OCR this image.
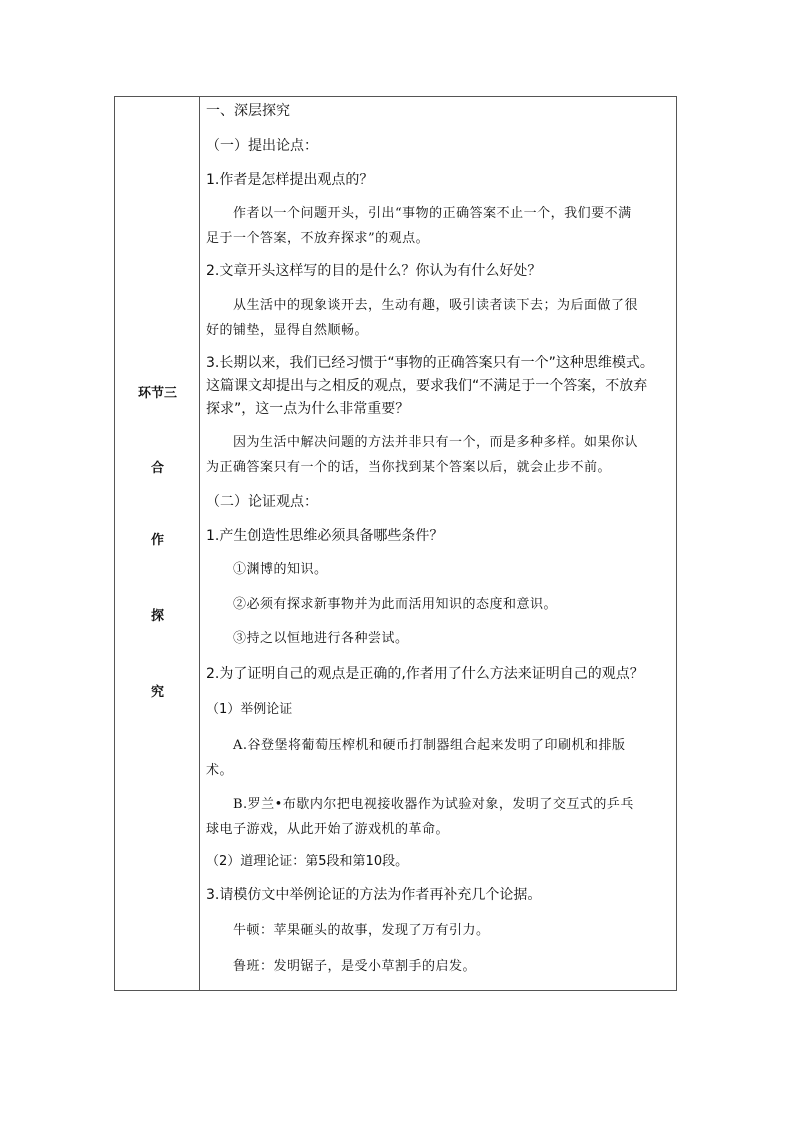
环节三
合
作
探
究
一、深层探究
（一）提出论点：
1.作者是怎样提出观点的？
作者以一个问题开头，引出“事物的正确答案不止一个，我们要不满
足于一个答案，不放弃探求”的观点。
2.文章开头这样写的目的是什么？你认为有什么好处？
从生活中的现象谈开去，生动有趣，吸引读者读下去；为后面做了很
好的铺垫，显得自然顺畅。
3.长期以来，我们已经习惯于“事物的正确答案只有一个”这种思维模式。
这篇课文却提出与之相反的观点，要求我们“不满足于一个答案，不放弃
探求”，这一点为什么非常重要？
因为生活中解决问题的方法并非只有一个，而是多种多样。如果你认
为正确答案只有一个的话，当你找到某个答案以后，就会止步不前。
（二）论证观点：
1.产生创造性思维必须具备哪些条件？
①渊博的知识。
②必须有探求新事物并为此而活用知识的态度和意识。
③持之以恒地进行各种尝试。
2.为了证明自己的观点是正确的,作者用了什么方法来证明自己的观点？
（1）举例论证
A.谷登堡将葡萄压榨机和硬币打制器组合起来发明了印刷机和排版
术。
B.罗兰•布歇内尔把电视接收器作为试验对象，发明了交互式的乒乓
球电子游戏，从此开始了游戏机的革命。
（2）道理论证：第5段和第10段。
3.请模仿文中举例论证的方法为作者再补充几个论据。
牛顿：苹果砸头的故事，发现了万有引力。
鲁班：发明锯子，是受小草割手的启发。
